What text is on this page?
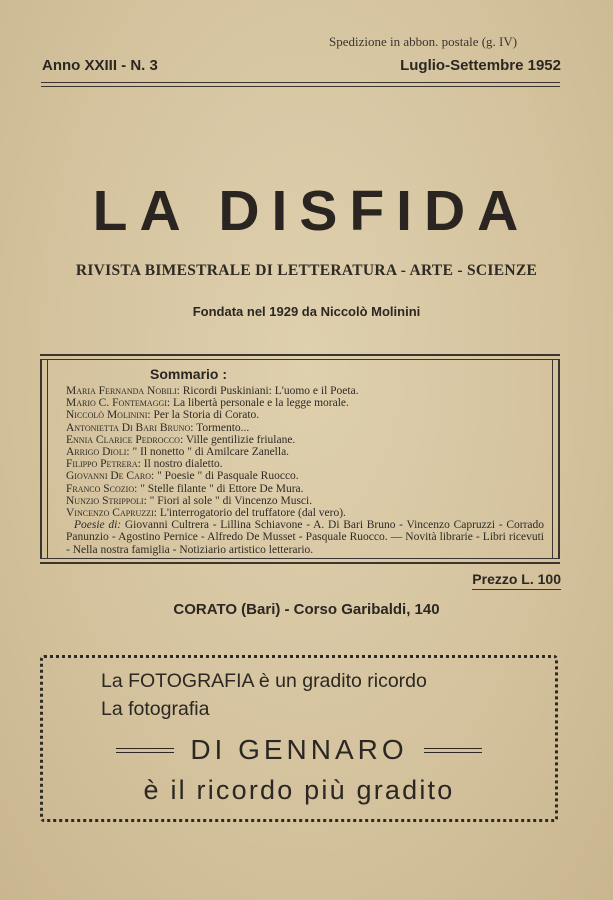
Spedizione in abbon. postale (g. IV)
Anno XXIII - N. 3	Luglio-Settembre 1952
LA DISFIDA
RIVISTA BIMESTRALE DI LETTERATURA - ARTE - SCIENZE
Fondata nel 1929 da Niccolò Molinini
Sommario :
Maria Fernanda Nobili: Ricordi Puskiniani: L'uomo e il Poeta.
Mario C. Fontemaggi: La libertà personale e la legge morale.
Niccolò Molinini: Per la Storia di Corato.
Antonietta Di Bari Bruno: Tormento...
Ennia Clarice Pedrocco: Ville gentilizie friulane.
Arrigo Dioli: " Il nonetto " di Amilcare Zanella.
Filippo Petrera: Il nostro dialetto.
Giovanni De Caro: " Poesie " di Pasquale Ruocco.
Franco Scozio: " Stelle filante " di Ettore De Mura.
Nunzio Strippoli: " Fiori al sole " di Vincenzo Musci.
Vincenzo Capruzzi: L'interrogatorio del truffatore (dal vero).
Poesie di: Giovanni Cultrera - Lillina Schiavone - A. Di Bari Bruno - Vincenzo Capruzzi - Corrado Panunzio - Agostino Pernice - Alfredo De Musset - Pasquale Ruocco. — Novità librarie - Libri ricevuti - Nella nostra famiglia - Notiziario artistico letterario.
Prezzo L. 100
CORATO (Bari) - Corso Garibaldi, 140
La FOTOGRAFIA è un gradito ricordo
La fotografia
DI GENNARO
è il ricordo più gradito
